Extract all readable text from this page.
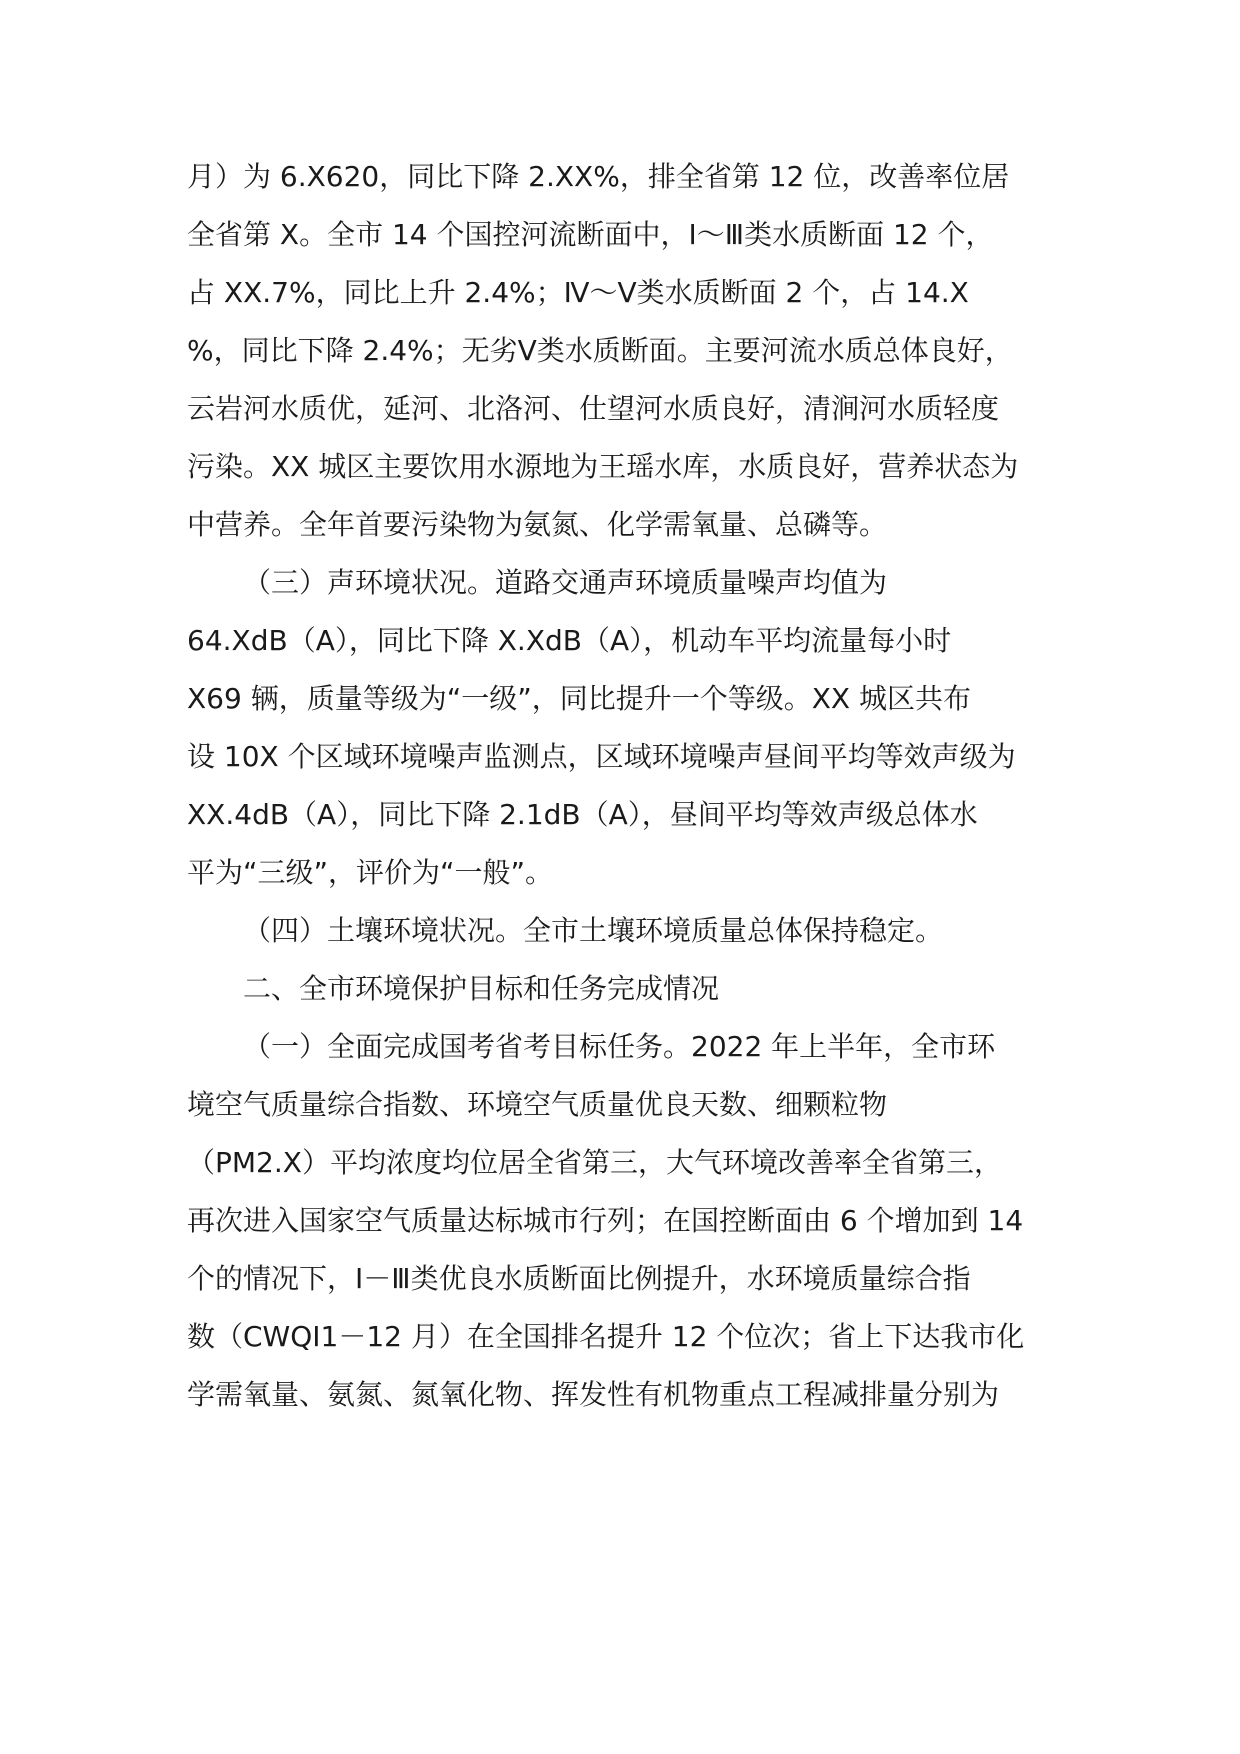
月）为 6.X620，同比下降 2.XX%，排全省第 12 位，改善率位居

全省第 X。全市 14 个国控河流断面中，Ⅰ～Ⅲ类水质断面 12 个，

占 XX.7%，同比上升 2.4%；Ⅳ～Ⅴ类水质断面 2 个，占 14.X

%，同比下降 2.4%；无劣Ⅴ类水质断面。主要河流水质总体良好，

云岩河水质优，延河、北洛河、仕望河水质良好，清涧河水质轻度

污染。XX 城区主要饮用水源地为王瑶水库，水质良好，营养状态为

中营养。全年首要污染物为氨氮、化学需氧量、总磷等。

（三）声环境状况。道路交通声环境质量噪声均值为

64.XdB（A），同比下降 X.XdB（A），机动车平均流量每小时

X69 辆，质量等级为“一级”，同比提升一个等级。XX 城区共布

设 10X 个区域环境噪声监测点，区域环境噪声昼间平均等效声级为

XX.4dB（A），同比下降 2.1dB（A），昼间平均等效声级总体水

平为“三级”，评价为“一般”。

（四）土壤环境状况。全市土壤环境质量总体保持稳定。

二、全市环境保护目标和任务完成情况

（一）全面完成国考省考目标任务。2022 年上半年，全市环

境空气质量综合指数、环境空气质量优良天数、细颗粒物

（PM2.X）平均浓度均位居全省第三，大气环境改善率全省第三，

再次进入国家空气质量达标城市行列；在国控断面由 6 个增加到 14

个的情况下，Ⅰ－Ⅲ类优良水质断面比例提升，水环境质量综合指

数（CWQI1－12 月）在全国排名提升 12 个位次；省上下达我市化

学需氧量、氨氮、氮氧化物、挥发性有机物重点工程减排量分别为
